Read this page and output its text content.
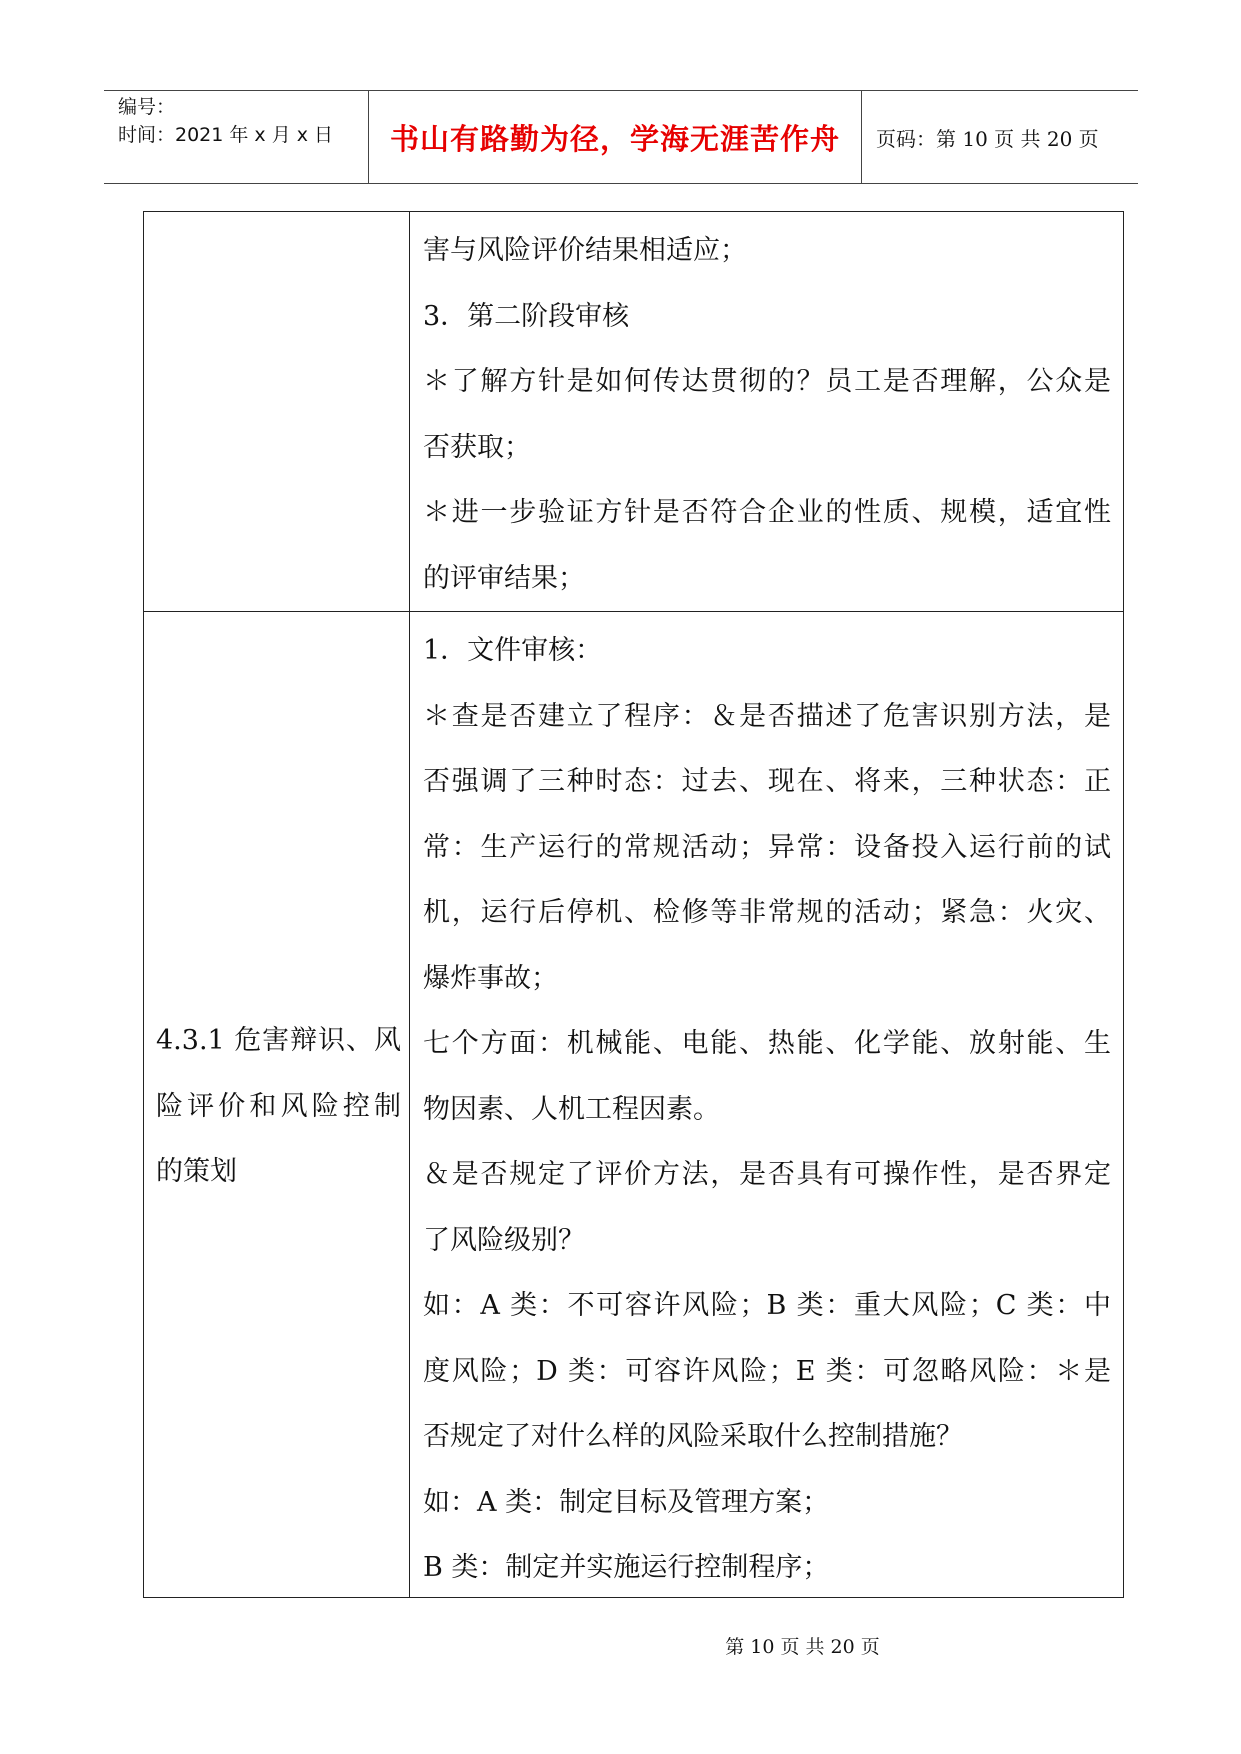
编号：
时间：2021 年 x 月 x 日	书山有路勤为径，学海无涯苦作舟	页码：第 10 页 共 20 页
害与风险评价结果相适应；
3．第二阶段审核
＊了解方针是如何传达贯彻的？员工是否理解，公众是
否获取；
＊进一步验证方针是否符合企业的性质、规模，适宜性
的评审结果；
4.3.1 危害辩识、风
险评价和风险控制
的策划
1．文件审核：
＊查是否建立了程序：＆是否描述了危害识别方法，是
否强调了三种时态：过去、现在、将来，三种状态：正
常：生产运行的常规活动；异常：设备投入运行前的试
机，运行后停机、检修等非常规的活动；紧急：火灾、
爆炸事故；
七个方面：机械能、电能、热能、化学能、放射能、生
物因素、人机工程因素。
＆是否规定了评价方法，是否具有可操作性，是否界定
了风险级别？
如：A 类：不可容许风险；B 类：重大风险；C 类：中
度风险；D 类：可容许风险；E 类：可忽略风险：＊是
否规定了对什么样的风险采取什么控制措施？
如：A 类：制定目标及管理方案；
B 类：制定并实施运行控制程序；
第 10 页 共 20 页
